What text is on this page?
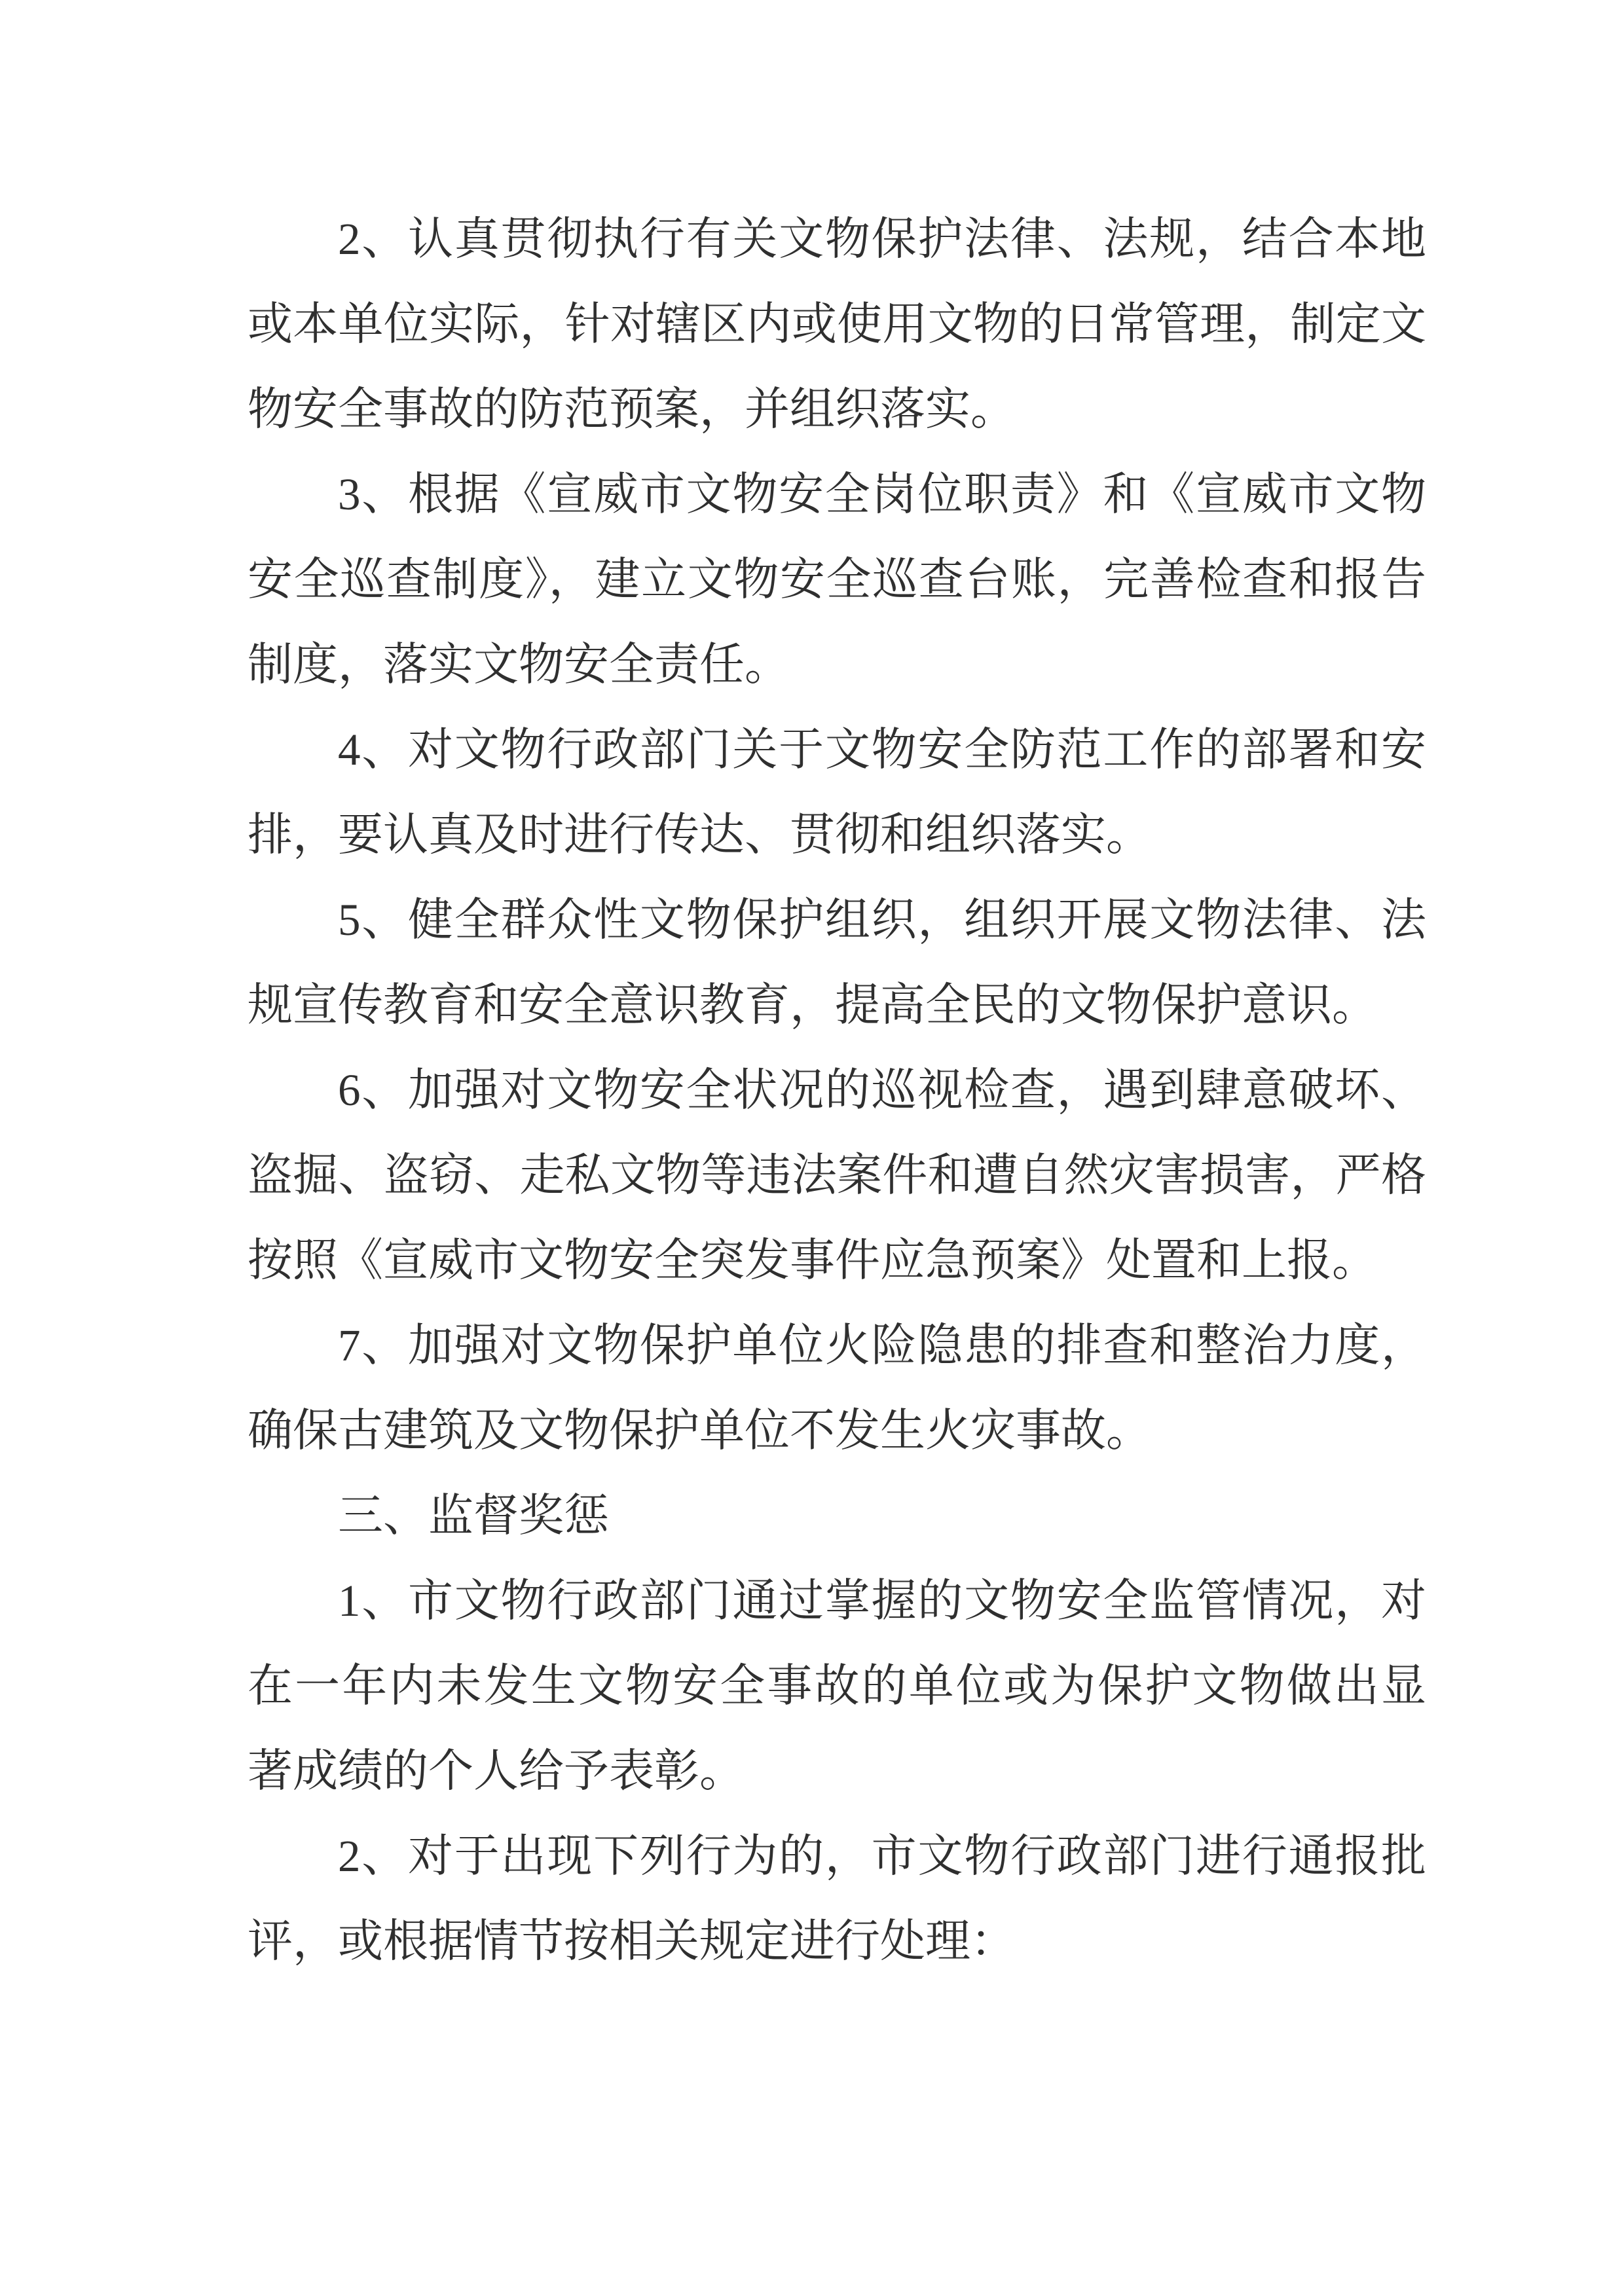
2、认真贯彻执行有关文物保护法律、法规，结合本地
或本单位实际，针对辖区内或使用文物的日常管理，制定文
物安全事故的防范预案，并组织落实。
3、根据《宣威市文物安全岗位职责》和《宣威市文物
安全巡查制度》，建立文物安全巡查台账，完善检查和报告
制度，落实文物安全责任。
4、对文物行政部门关于文物安全防范工作的部署和安
排，要认真及时进行传达、贯彻和组织落实。
5、健全群众性文物保护组织，组织开展文物法律、法
规宣传教育和安全意识教育，提高全民的文物保护意识。
6、加强对文物安全状况的巡视检查，遇到肆意破坏、
盗掘、盗窃、走私文物等违法案件和遭自然灾害损害，严格
按照《宣威市文物安全突发事件应急预案》处置和上报。
7、加强对文物保护单位火险隐患的排查和整治力度，
确保古建筑及文物保护单位不发生火灾事故。
三、监督奖惩
1、市文物行政部门通过掌握的文物安全监管情况，对
在一年内未发生文物安全事故的单位或为保护文物做出显
著成绩的个人给予表彰。
2、对于出现下列行为的，市文物行政部门进行通报批
评，或根据情节按相关规定进行处理：
